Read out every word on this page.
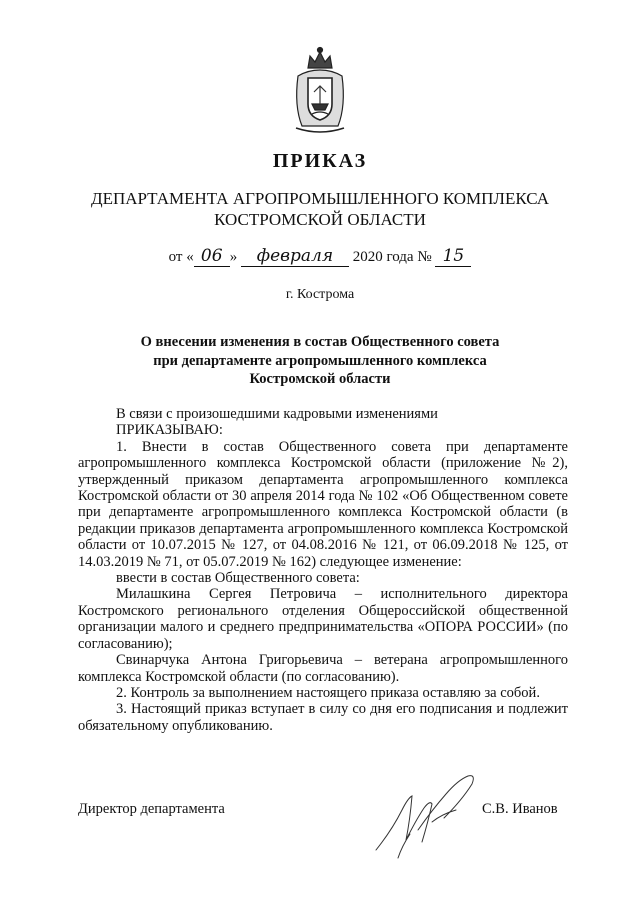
ПРИКАЗ
ДЕПАРТАМЕНТА АГРОПРОМЫШЛЕННОГО КОМПЛЕКСА
КОСТРОМСКОЙ ОБЛАСТИ
от « 06 » февраля 2020 года № 15
г. Кострома
О внесении изменения в состав Общественного совета
при департаменте агропромышленного комплекса
Костромской области

В связи с произошедшими кадровыми изменениями

ПРИКАЗЫВАЮ:

1. Внести в состав Общественного совета при департаменте агропромышленного комплекса Костромской области (приложение №2), утвержденный приказом департамента агропромышленного комплекса Костромской области от 30 апреля 2014 года № 102 «Об Общественном совете при департаменте агропромышленного комплекса Костромской области (в редакции приказов департамента агропромышленного комплекса Костромской области от 10.07.2015 № 127, от 04.08.2016 № 121, от 06.09.2018 № 125, от 14.03.2019 № 71, от 05.07.2019 № 162) следующее изменение:

ввести в состав Общественного совета:

Милашкина Сергея Петровича – исполнительного директора Костромского регионального отделения Общероссийской общественной организации малого и среднего предпринимательства «ОПОРА РОССИИ» (по согласованию);

Свинарчука Антона Григорьевича – ветерана агропромышленного комплекса Костромской области (по согласованию).

2. Контроль за выполнением настоящего приказа оставляю за собой.

3. Настоящий приказ вступает в силу со дня его подписания и подлежит обязательному опубликованию.

Директор департамента	С.В. Иванов
